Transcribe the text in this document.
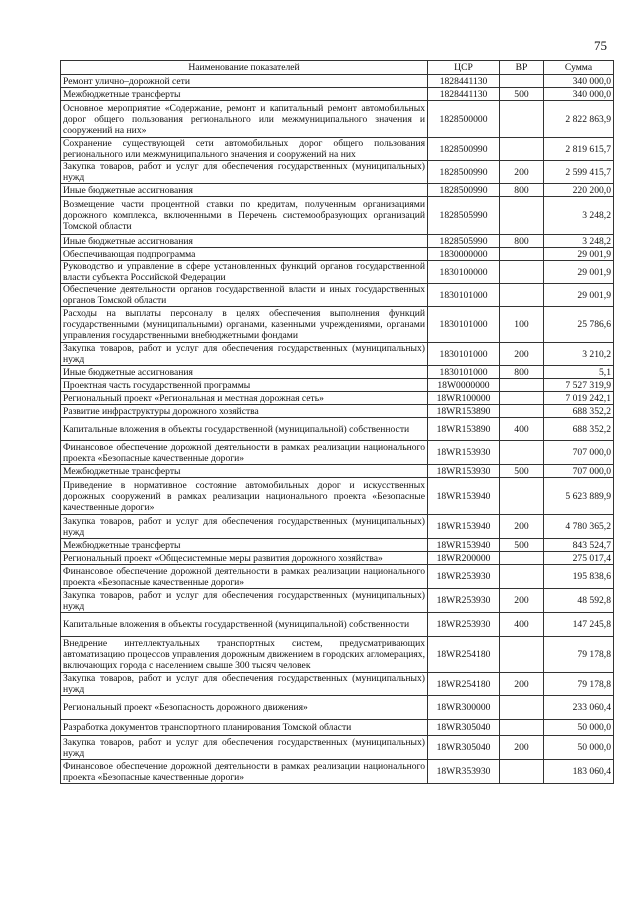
75
Наименование показателей	ЦСР	ВР	Сумма
Ремонт улично–дорожной сети	1828441130		340 000,0
Межбюджетные трансферты	1828441130	500	340 000,0
Основное мероприятие «Содержание, ремонт и капитальный ремонт автомобильных дорог общего пользования регионального или межмуниципального значения и сооружений на них»	1828500000		2 822 863,9
Сохранение существующей сети автомобильных дорог общего пользования регионального или межмуниципального значения и сооружений на них	1828500990		2 819 615,7
Закупка товаров, работ и услуг для обеспечения государственных (муниципальных) нужд	1828500990	200	2 599 415,7
Иные бюджетные ассигнования	1828500990	800	220 200,0
Возмещение части процентной ставки по кредитам, полученным организациями дорожного комплекса, включенными в Перечень системообразующих организаций Томской области	1828505990		3 248,2
Иные бюджетные ассигнования	1828505990	800	3 248,2
Обеспечивающая подпрограмма	1830000000		29 001,9
Руководство и управление в сфере установленных функций органов государственной власти субъекта Российской Федерации	1830100000		29 001,9
Обеспечение деятельности органов государственной власти и иных государственных органов Томской области	1830101000		29 001,9
Расходы на выплаты персоналу в целях обеспечения выполнения функций государственными (муниципальными) органами, казенными учреждениями, органами управления государственными внебюджетными фондами	1830101000	100	25 786,6
Закупка товаров, работ и услуг для обеспечения государственных (муниципальных) нужд	1830101000	200	3 210,2
Иные бюджетные ассигнования	1830101000	800	5,1
Проектная часть государственной программы	18W0000000		7 527 319,9
Региональный проект «Региональная и местная дорожная сеть»	18WR100000		7 019 242,1
Развитие инфраструктуры дорожного хозяйства	18WR153890		688 352,2
Капитальные вложения в объекты государственной (муниципальной) собственности	18WR153890	400	688 352,2
Финансовое обеспечение дорожной деятельности в рамках реализации национального проекта «Безопасные качественные дороги»	18WR153930		707 000,0
Межбюджетные трансферты	18WR153930	500	707 000,0
Приведение в нормативное состояние автомобильных дорог и искусственных дорожных сооружений в рамках реализации национального проекта «Безопасные качественные дороги»	18WR153940		5 623 889,9
Закупка товаров, работ и услуг для обеспечения государственных (муниципальных) нужд	18WR153940	200	4 780 365,2
Межбюджетные трансферты	18WR153940	500	843 524,7
Региональный проект «Общесистемные меры развития дорожного хозяйства»	18WR200000		275 017,4
Финансовое обеспечение дорожной деятельности в рамках реализации национального проекта «Безопасные качественные дороги»	18WR253930		195 838,6
Закупка товаров, работ и услуг для обеспечения государственных (муниципальных) нужд	18WR253930	200	48 592,8
Капитальные вложения в объекты государственной (муниципальной) собственности	18WR253930	400	147 245,8
Внедрение интеллектуальных транспортных систем, предусматривающих автоматизацию процессов управления дорожным движением в городских агломерациях, включающих города с населением свыше 300 тысяч человек	18WR254180		79 178,8
Закупка товаров, работ и услуг для обеспечения государственных (муниципальных) нужд	18WR254180	200	79 178,8
Региональный проект «Безопасность дорожного движения»	18WR300000		233 060,4
Разработка документов транспортного планирования Томской области	18WR305040		50 000,0
Закупка товаров, работ и услуг для обеспечения государственных (муниципальных) нужд	18WR305040	200	50 000,0
Финансовое обеспечение дорожной деятельности в рамках реализации национального проекта «Безопасные качественные дороги»	18WR353930		183 060,4
